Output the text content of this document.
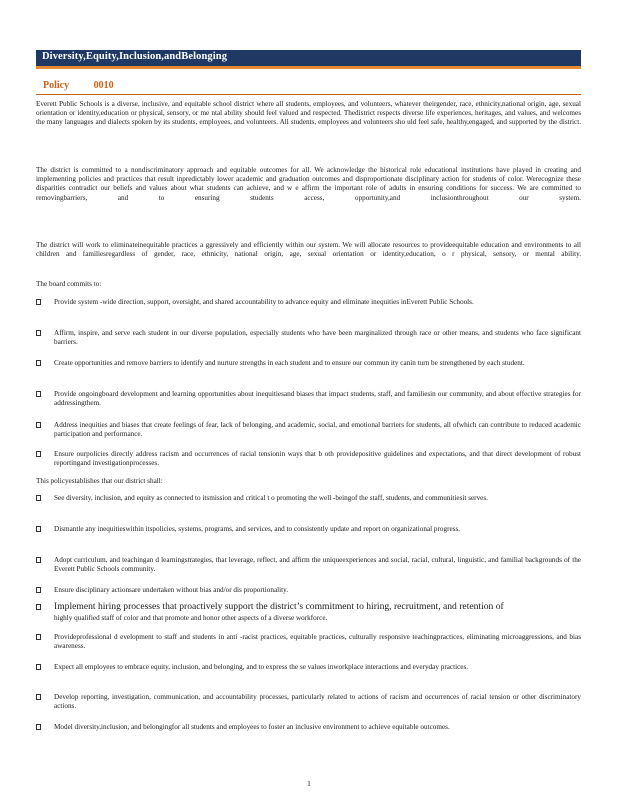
Diversity,Equity,Inclusion,andBelonging
Policy 0010

Everett Public Schools is a diverse, inclusive, and equitable school district where all students, employees, and volunteers, whatever theirgender, race, ethnicity,national origin, age, sexual orientation or identity,education or physical, sensory, or me ntal ability should feel valued and respected. Thedistrict respects diverse life experiences, heritages, and values, and welcomes the many languages and dialects spoken by its students, employees, and volunteers. All students, employees and volunteers sho uld feel safe, healthy,engaged, and supported by the district.

The district is committed to a nondiscriminatory approach and equitable outcomes for all. We acknowledge the historical role educational institutions have played in creating and implementing policies and practices that result inpredictably lower academic and graduation outcomes and disproportionate disciplinary action for students of color. Werecognize these disparities contradict our beliefs and values about what students can achieve, and w e affirm the important role of adults in ensuring conditions for success. We are committed to removingbarriers, and to ensuring students access, opportunity,and inclusionthroughout our system.

The district will work to eliminateinequitable practices a ggressively and efficiently within our system. We will allocate resources to provideequitable education and environments to all children and familiesregardless of gender, race, ethnicity, national origin, age, sexual orientation or identity,education, o r physical, sensory, or mental ability.

The board commits to:
Provide system -wide direction, support, oversight, and shared accountability to advance equity and eliminate inequities inEverett Public Schools.
Affirm, inspire, and serve each student in our diverse population, especially students who have been marginalized through race or other means, and students who face significant barriers.
Create opportunities and remove barriers to identify and nurture strengths in each student and to ensure our commun ity canin turn be strengthened by each student.
Provide ongoingboard development and learning opportunities about inequitiesand biases that impact students, staff, and familiesin our community, and about effective strategies for addressingthem.
Address inequities and biases that create feelings of fear, lack of belonging, and academic, social, and emotional barriers for students, all ofwhich can contribute to reduced academic participation and performance.
Ensure ourpolicies directly address racism and occurrences of racial tensionin ways that b oth providepositive guidelines and expectations, and that direct development of robust reportingand investigationprocesses.
This policyestablishes that our district shall:
See diversity, inclusion, and equity as connected to itsmission and critical t o promoting the well -beingof the staff, students, and communitiesit serves.
Dismantle any inequitieswithin itspolicies, systems, programs, and services, and to consistently update and report on organizational progress.
Adopt curriculum, and teachingan d learningstrategies, that leverage, reflect, and affirm the uniqueexperiences and social, racial, cultural, linguistic, and familial backgrounds of the Everett Public Schools community.
Ensure disciplinary actionsare undertaken without bias and/or dis proportionality.
Implement hiring processes that proactively support the district’s commitment to hiring, recruitment, and retention of
highly qualified staff of color and that promote and honor other aspects of a diverse workforce.
Provideprofessional d evelopment to staff and students in anti -racist practices, equitable practices, culturally responsive teachingpractices, eliminating microaggressions, and bias awareness.
Expect all employees to embrace equity, inclusion, and belonging, and to express the se values inworkplace interactions and everyday practices.
Develop reporting, investigation, communication, and accountability processes, particularly related to actions of racism and occurrences of racial tension or other discriminatory actions.
Model diversity,inclusion, and belongingfor all students and employees to foster an inclusive environment to achieve equitable outcomes.
1
